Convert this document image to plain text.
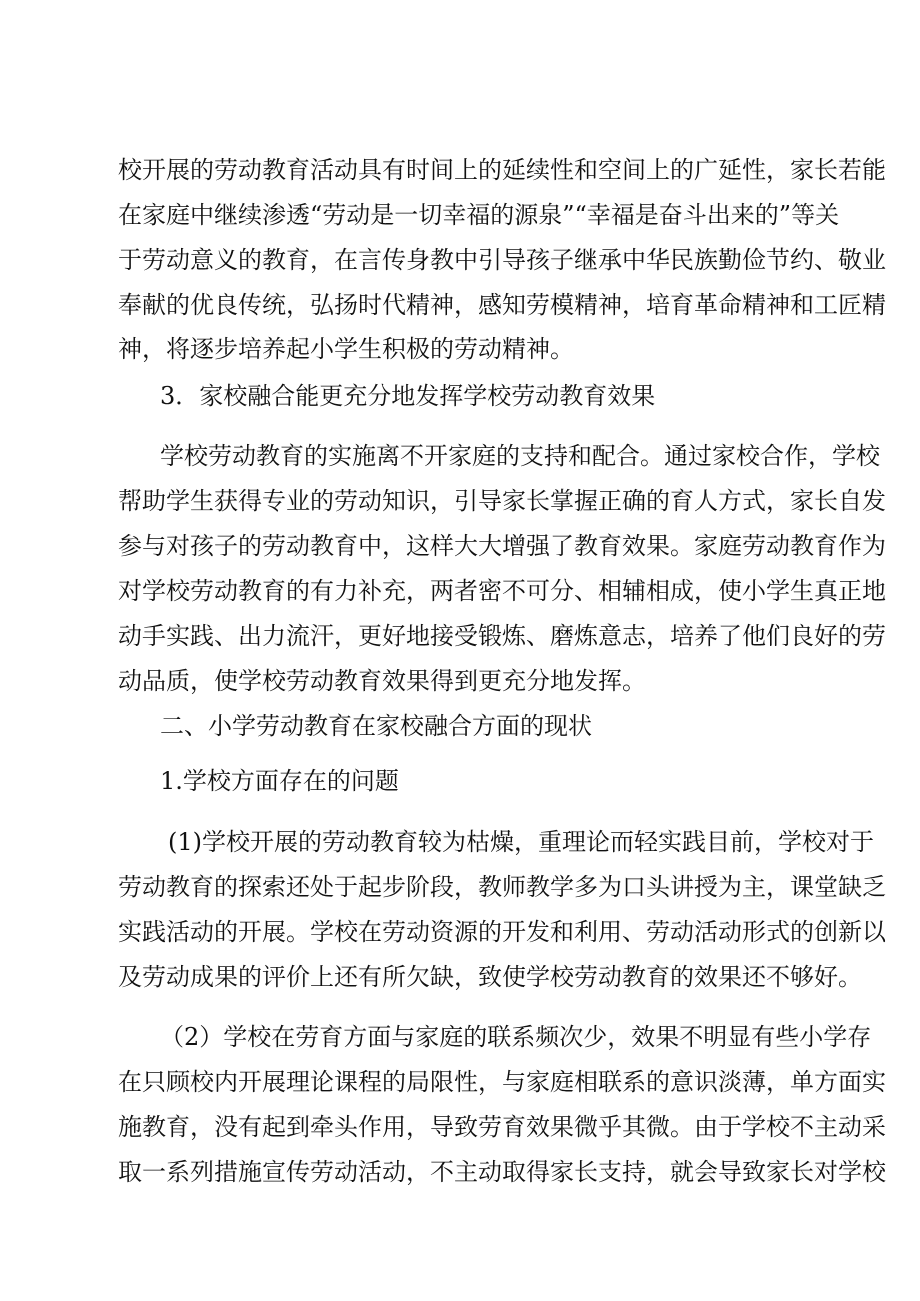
校开展的劳动教育活动具有时间上的延续性和空间上的广延性，家长若能
在家庭中继续渗透“劳动是一切幸福的源泉”“幸福是奋斗出来的”等关
于劳动意义的教育，在言传身教中引导孩子继承中华民族勤俭节约、敬业
奉献的优良传统，弘扬时代精神，感知劳模精神，培育革命精神和工匠精
神，将逐步培养起小学生积极的劳动精神。
3．家校融合能更充分地发挥学校劳动教育效果
学校劳动教育的实施离不开家庭的支持和配合。通过家校合作，学校
帮助学生获得专业的劳动知识，引导家长掌握正确的育人方式，家长自发
参与对孩子的劳动教育中，这样大大增强了教育效果。家庭劳动教育作为
对学校劳动教育的有力补充，两者密不可分、相辅相成，使小学生真正地
动手实践、出力流汗，更好地接受锻炼、磨炼意志，培养了他们良好的劳
动品质，使学校劳动教育效果得到更充分地发挥。
二、小学劳动教育在家校融合方面的现状
1.学校方面存在的问题
(1)学校开展的劳动教育较为枯燥，重理论而轻实践目前，学校对于
劳动教育的探索还处于起步阶段，教师教学多为口头讲授为主，课堂缺乏
实践活动的开展。学校在劳动资源的开发和利用、劳动活动形式的创新以
及劳动成果的评价上还有所欠缺，致使学校劳动教育的效果还不够好。
（2）学校在劳育方面与家庭的联系频次少，效果不明显有些小学存
在只顾校内开展理论课程的局限性，与家庭相联系的意识淡薄，单方面实
施教育，没有起到牵头作用，导致劳育效果微乎其微。由于学校不主动采
取一系列措施宣传劳动活动，不主动取得家长支持，就会导致家长对学校
